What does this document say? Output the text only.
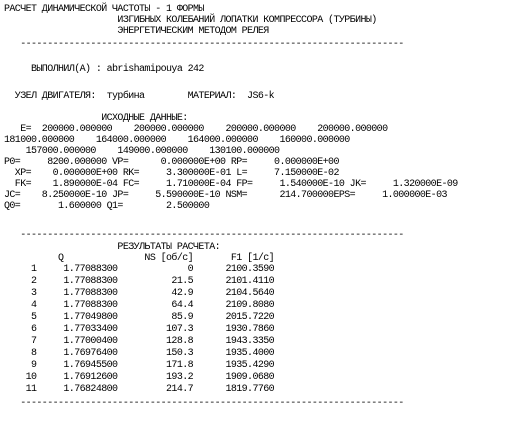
РАСЧЕТ ДИНАМИЧЕСКОЙ ЧАСТОТЫ - 1 ФОРМЫ
ИЗГИБНЫХ КОЛЕБАНИЙ ЛОПАТКИ КОМПРЕССОРА (ТУРБИНЫ)
ЭНЕРГЕТИЧЕСКИМ МЕТОДОМ РЕЛЕЯ
-----------------------------------------------------------------------
ВЫПОЛНИЛ(А) : abrishamipouya 242
УЗЕЛ ДВИГАТЕЛЯ:  турбина        МАТЕРИАЛ:  JS6-k
ИСХОДНЫЕ ДАННЫЕ:
E=  200000.000000    200000.000000    200000.000000    200000.000000
181000.000000    164000.000000    164000.000000    160000.000000
157000.000000    149000.000000    130100.000000
P0=     8200.000000 VP=      0.000000E+00 RP=     0.000000E+00
XP=    0.000000E+00 RK=     3.300000E-01 L=     7.150000E-02
FK=    1.890000E-04 FC=     1.710000E-04 FP=     1.540000E-10 JK=     1.320000E-09
JC=    8.250000E-10 JP=     5.590000E-10 NSM=      214.700000EPS=     1.000000E-03
Q0=       1.600000 Q1=        2.500000
-----------------------------------------------------------------------
РЕЗУЛЬТАТЫ РАСЧЕТА:
Q               NS [об/с]       F1 [1/с]
1     1.77088300             0      2100.3590
2     1.77088300          21.5      2101.4110
3     1.77088300          42.9      2104.5640
4     1.77088300          64.4      2109.8080
5     1.77049800          85.9      2015.7220
6     1.77033400         107.3      1930.7860
7     1.77000400         128.8      1943.3350
8     1.76976400         150.3      1935.4000
9     1.76945500         171.8      1935.4290
10     1.76912600         193.2      1909.0680
11     1.76824800         214.7      1819.7760
-----------------------------------------------------------------------
